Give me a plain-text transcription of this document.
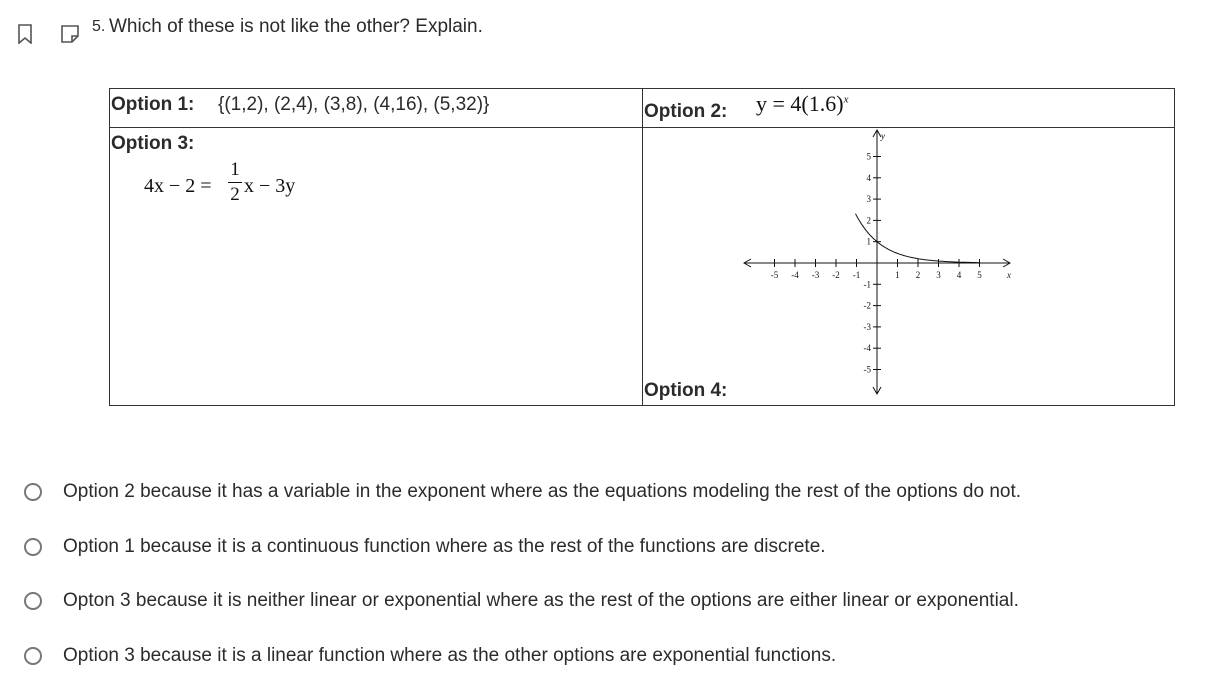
5. Which of these is not like the other? Explain.
Option 1: {(1,2), (2,4), (3,8), (4,16), (5,32)}	Option 2: $y = 4(1.6)^x$
Option 3:
4x − 2 =
1
2 x − 3y
Option 4:
-5 -4 -3 -2 -1	1 2 3 4 5
5
4
3
2
1
-1
-2
-3
-4
-5
x
y
Option 2 because it has a variable in the exponent where as the equations modeling the rest of the options do not.
Option 1 because it is a continuous function where as the rest of the functions are discrete.
Opton 3 because it is neither linear or exponential where as the rest of the options are either linear or exponential.
Option 3 because it is a linear function where as the other options are exponential functions.
